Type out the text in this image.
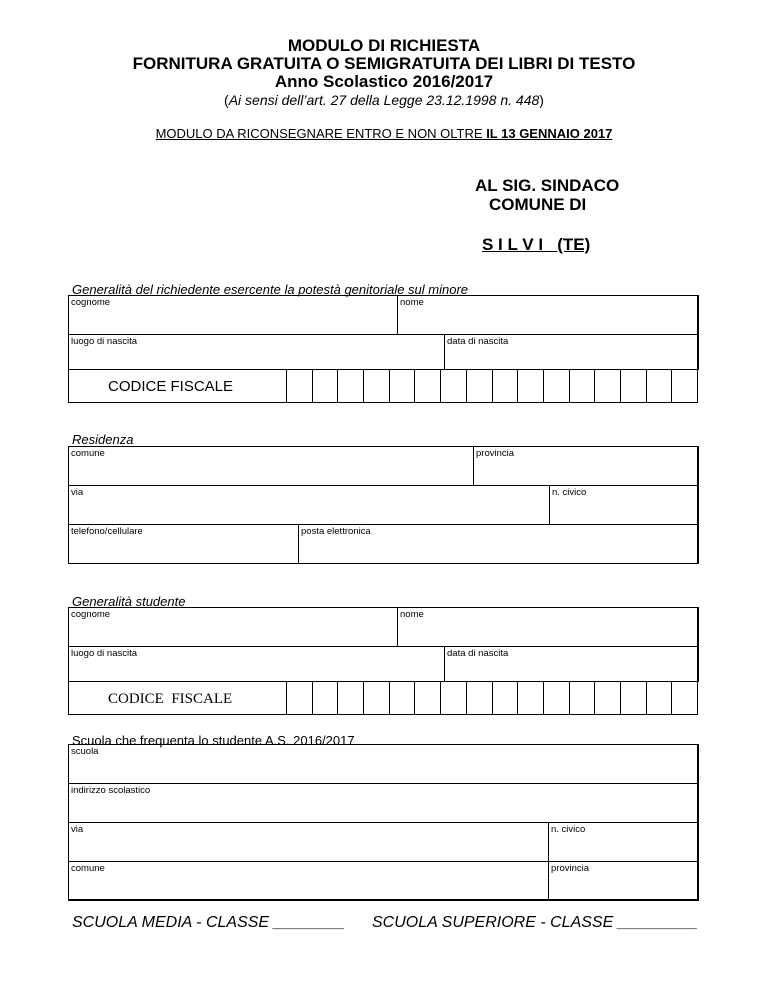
MODULO DI RICHIESTA
FORNITURA GRATUITA O SEMIGRATUITA DEI LIBRI DI TESTO
Anno Scolastico 2016/2017
(Ai sensi dell’art. 27 della Legge 23.12.1998 n. 448)
MODULO DA RICONSEGNARE ENTRO E NON OLTRE IL 13 GENNAIO 2017
AL SIG. SINDACO
COMUNE DI
S I L V I (TE)
Generalità del richiedente esercente la potestà genitoriale sul minore
cognome	nome
luogo di nascita	data di nascita
CODICE FISCALE
Residenza
comune	provincia
via	n. civico
telefono/cellulare	posta elettronica
Generalità studente
cognome	nome
luogo di nascita	data di nascita
CODICE  FISCALE
Scuola che frequenta lo studente A.S. 2016/2017
scuola
indirizzo scolastico
via	n. civico
comune	provincia
SCUOLA MEDIA - CLASSE ________ SCUOLA SUPERIORE - CLASSE _________
